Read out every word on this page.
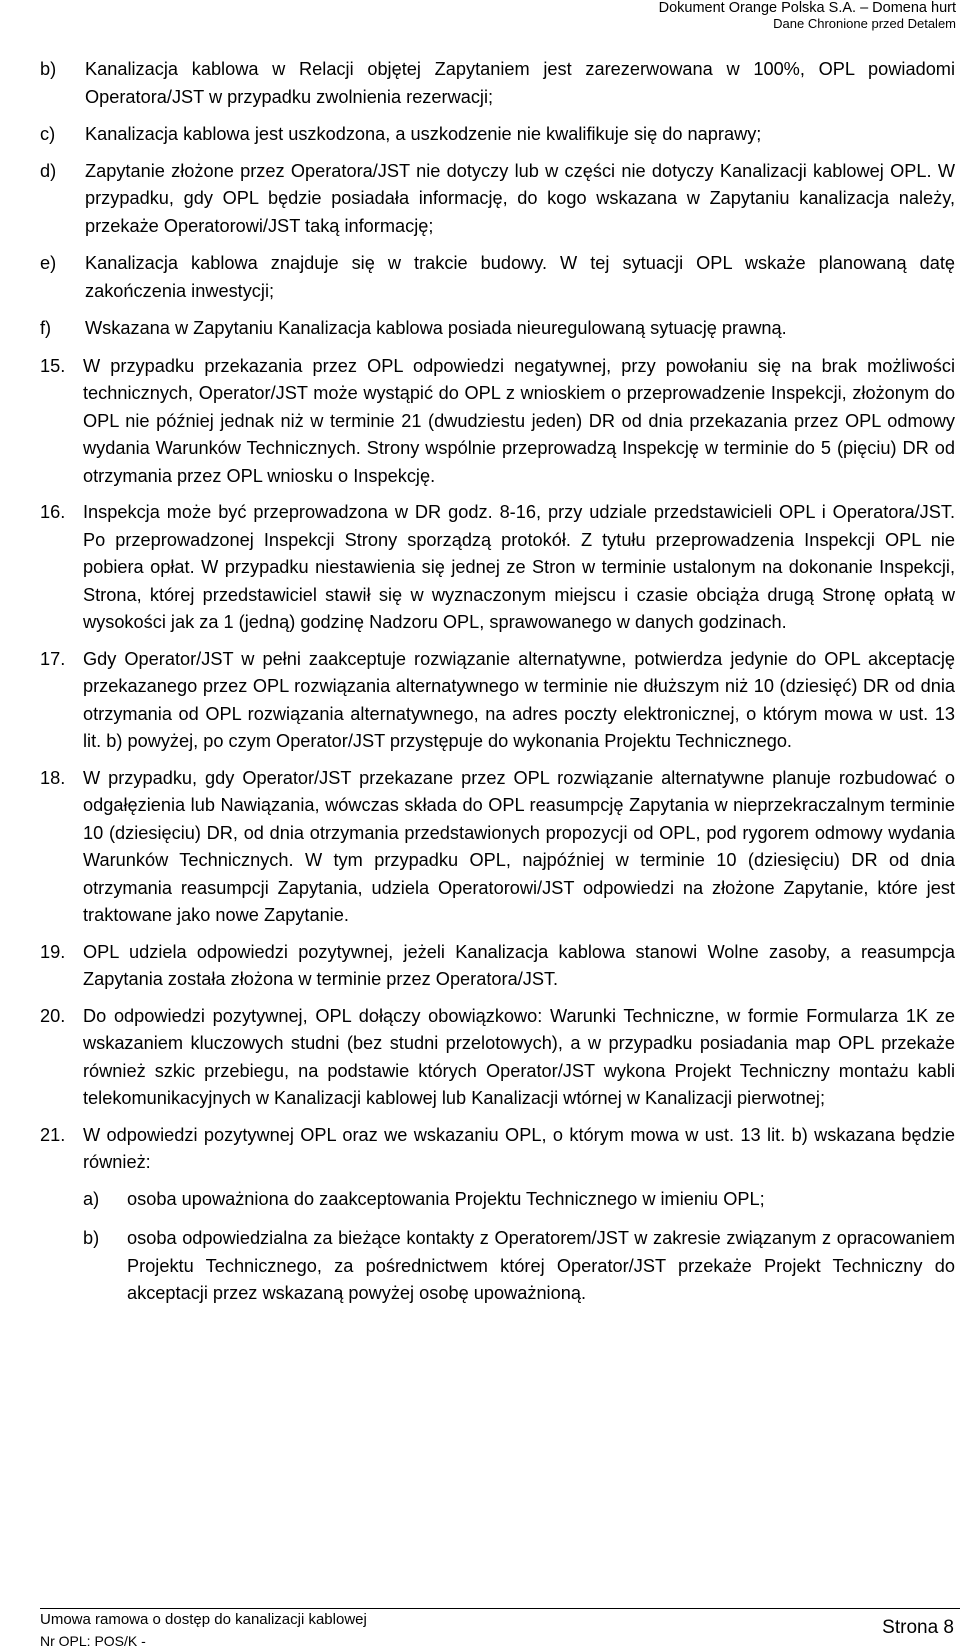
Dokument Orange Polska S.A. – Domena hurt
Dane Chronione przed Detalem
b)	Kanalizacja kablowa w Relacji objętej Zapytaniem jest zarezerwowana w 100%, OPL powiadomi Operatora/JST w przypadku zwolnienia rezerwacji;
c)	Kanalizacja kablowa jest uszkodzona, a uszkodzenie nie kwalifikuje się do naprawy;
d)	Zapytanie złożone przez Operatora/JST nie dotyczy lub w części nie dotyczy Kanalizacji kablowej OPL. W przypadku, gdy OPL będzie posiadała informację, do kogo wskazana w Zapytaniu kanalizacja należy, przekaże Operatorowi/JST taką informację;
e)	Kanalizacja kablowa znajduje się w trakcie budowy. W tej sytuacji OPL wskaże planowaną datę zakończenia inwestycji;
f)	Wskazana w Zapytaniu Kanalizacja kablowa posiada nieuregulowaną sytuację prawną.
15. W przypadku przekazania przez OPL odpowiedzi negatywnej, przy powołaniu się na brak możliwości technicznych, Operator/JST może wystąpić do OPL z wnioskiem o przeprowadzenie Inspekcji, złożonym do OPL nie później jednak niż w terminie 21 (dwudziestu jeden) DR od dnia przekazania przez OPL odmowy wydania Warunków Technicznych. Strony wspólnie przeprowadzą Inspekcję w terminie do 5 (pięciu) DR od otrzymania przez OPL wniosku o Inspekcję.
16. Inspekcja może być przeprowadzona w DR godz. 8-16, przy udziale przedstawicieli OPL i Operatora/JST. Po przeprowadzonej Inspekcji Strony sporządzą protokół. Z tytułu przeprowadzenia Inspekcji OPL nie pobiera opłat. W przypadku niestawienia się jednej ze Stron w terminie ustalonym na dokonanie Inspekcji, Strona, której przedstawiciel stawił się w wyznaczonym miejscu i czasie obciąża drugą Stronę opłatą w wysokości jak za 1 (jedną) godzinę Nadzoru OPL, sprawowanego w danych godzinach.
17. Gdy Operator/JST w pełni zaakceptuje rozwiązanie alternatywne, potwierdza jedynie do OPL akceptację przekazanego przez OPL rozwiązania alternatywnego w terminie nie dłuższym niż 10 (dziesięć) DR od dnia otrzymania od OPL rozwiązania alternatywnego, na adres poczty elektronicznej, o którym mowa w ust. 13 lit. b) powyżej, po czym Operator/JST przystępuje do wykonania Projektu Technicznego.
18. W przypadku, gdy Operator/JST przekazane przez OPL rozwiązanie alternatywne planuje rozbudować o odgałęzienia lub Nawiązania, wówczas składa do OPL reasumpcję Zapytania w nieprzekraczalnym terminie 10 (dziesięciu) DR, od dnia otrzymania przedstawionych propozycji od OPL, pod rygorem odmowy wydania Warunków Technicznych. W tym przypadku OPL, najpóźniej w terminie 10 (dziesięciu) DR od dnia otrzymania reasumpcji Zapytania, udziela Operatorowi/JST odpowiedzi na złożone Zapytanie, które jest traktowane jako nowe Zapytanie.
19. OPL udziela odpowiedzi pozytywnej, jeżeli Kanalizacja kablowa stanowi Wolne zasoby, a reasumpcja Zapytania została złożona w terminie przez Operatora/JST.
20. Do odpowiedzi pozytywnej, OPL dołączy obowiązkowo: Warunki Techniczne, w formie Formularza 1K ze wskazaniem kluczowych studni (bez studni przelotowych), a w przypadku posiadania map OPL przekaże również szkic przebiegu, na podstawie których Operator/JST wykona Projekt Techniczny montażu kabli telekomunikacyjnych w Kanalizacji kablowej lub Kanalizacji wtórnej w Kanalizacji pierwotnej;
21. W odpowiedzi pozytywnej OPL oraz we wskazaniu OPL, o którym mowa w ust. 13 lit. b) wskazana będzie również:
a)	osoba upoważniona do zaakceptowania Projektu Technicznego w imieniu OPL;
b)	osoba odpowiedzialna za bieżące kontakty z Operatorem/JST w zakresie związanym z opracowaniem Projektu Technicznego, za pośrednictwem której Operator/JST przekaże Projekt Techniczny do akceptacji przez wskazaną powyżej osobę upoważnioną.
Umowa ramowa o dostęp do kanalizacji kablowej	Strona 8
Nr OPL: POS/K -
